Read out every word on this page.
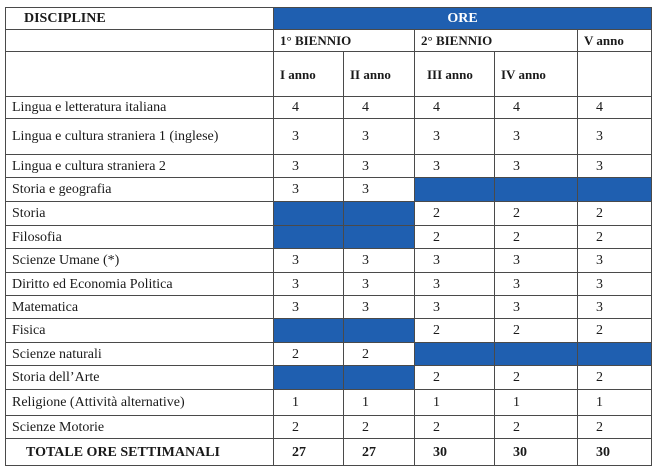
DISCIPLINE	ORE				
	1° BIENNIO		2° BIENNIO		V anno
	I anno	II anno	III anno	IV anno	
Lingua e letteratura italiana	4	4	4	4	4
Lingua e cultura straniera 1 (inglese)	3	3	3	3	3
Lingua e cultura straniera 2	3	3	3	3	3
Storia e geografia	3	3			
Storia			2	2	2
Filosofia			2	2	2
Scienze Umane (*)	3	3	3	3	3
Diritto ed Economia Politica	3	3	3	3	3
Matematica	3	3	3	3	3
Fisica			2	2	2
Scienze naturali	2	2			
Storia dell’Arte			2	2	2
Religione (Attività alternative)	1	1	1	1	1
Scienze Motorie	2	2	2	2	2
TOTALE ORE SETTIMANALI	27	27	30	30	30
